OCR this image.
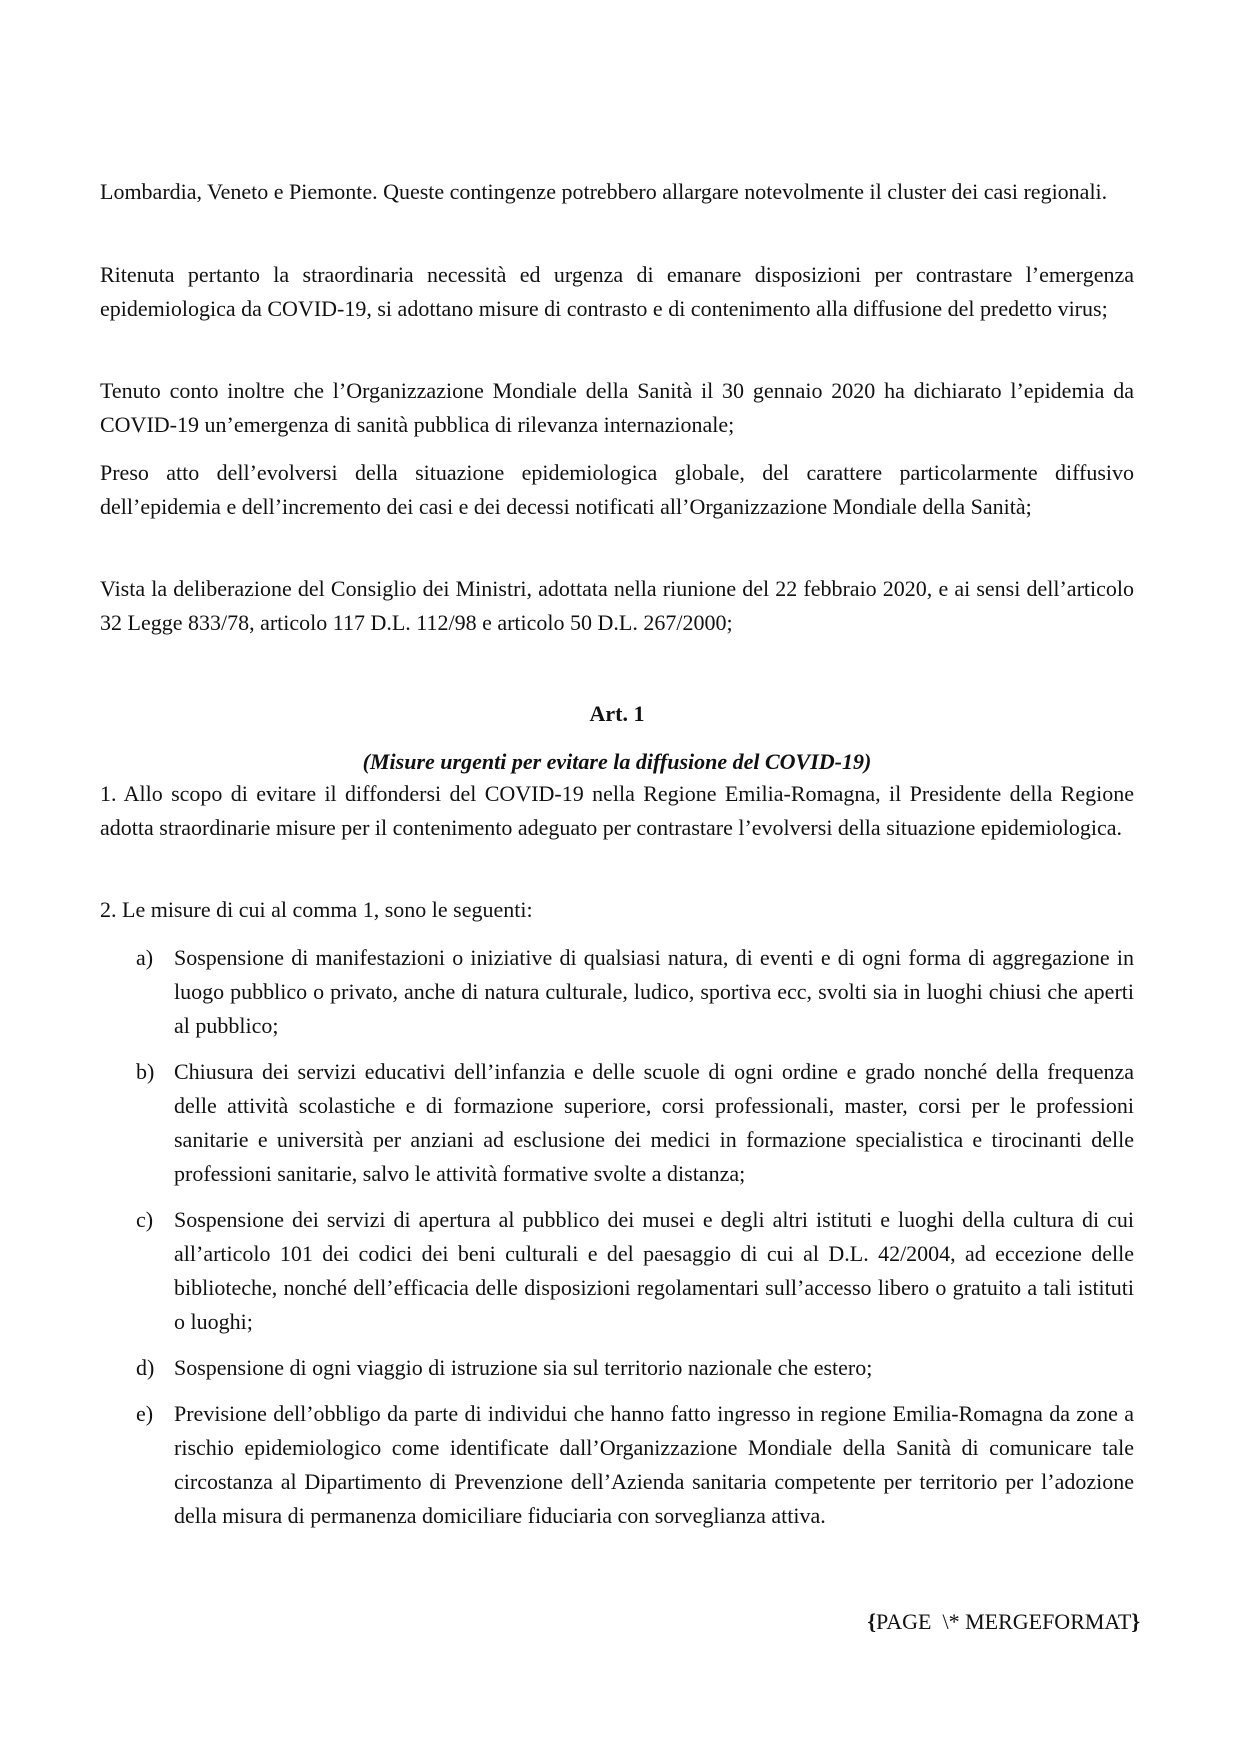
Lombardia, Veneto e Piemonte. Queste contingenze potrebbero allargare notevolmente il cluster dei casi regionali.

Ritenuta pertanto la straordinaria necessità ed urgenza di emanare disposizioni per contrastare l’emergenza epidemiologica da COVID-19, si adottano misure di contrasto e di contenimento alla diffusione del predetto virus;

Tenuto conto inoltre che l’Organizzazione Mondiale della Sanità il 30 gennaio 2020 ha dichiarato l’epidemia da COVID-19 un’emergenza di sanità pubblica di rilevanza internazionale;

Preso atto dell’evolversi della situazione epidemiologica globale, del carattere particolarmente diffusivo dell’epidemia e dell’incremento dei casi e dei decessi notificati all’Organizzazione Mondiale della Sanità;

Vista la deliberazione del Consiglio dei Ministri, adottata nella riunione del 22 febbraio 2020, e ai sensi dell’articolo 32 Legge 833/78, articolo 117 D.L. 112/98 e articolo 50 D.L. 267/2000;

Art. 1

(Misure urgenti per evitare la diffusione del COVID-19)

1. Allo scopo di evitare il diffondersi del COVID-19 nella Regione Emilia-Romagna, il Presidente della Regione adotta straordinarie misure per il contenimento adeguato per contrastare l’evolversi della situazione epidemiologica.

2. Le misure di cui al comma 1, sono le seguenti:

a) Sospensione di manifestazioni o iniziative di qualsiasi natura, di eventi e di ogni forma di aggregazione in luogo pubblico o privato, anche di natura culturale, ludico, sportiva ecc, svolti sia in luoghi chiusi che aperti al pubblico;
b) Chiusura dei servizi educativi dell’infanzia e delle scuole di ogni ordine e grado nonché della frequenza delle attività scolastiche e di formazione superiore, corsi professionali, master, corsi per le professioni sanitarie e università per anziani ad esclusione dei medici in formazione specialistica e tirocinanti delle professioni sanitarie, salvo le attività formative svolte a distanza;
c) Sospensione dei servizi di apertura al pubblico dei musei e degli altri istituti e luoghi della cultura di cui all’articolo 101 dei codici dei beni culturali e del paesaggio di cui al D.L. 42/2004, ad eccezione delle biblioteche, nonché dell’efficacia delle disposizioni regolamentari sull’accesso libero o gratuito a tali istituti o luoghi;
d) Sospensione di ogni viaggio di istruzione sia sul territorio nazionale che estero;
e) Previsione dell’obbligo da parte di individui che hanno fatto ingresso in regione Emilia-Romagna da zone a rischio epidemiologico come identificate dall’Organizzazione Mondiale della Sanità di comunicare tale circostanza al Dipartimento di Prevenzione dell’Azienda sanitaria competente per territorio per l’adozione della misura di permanenza domiciliare fiduciaria con sorveglianza attiva.

{PAGE  \* MERGEFORMAT}
